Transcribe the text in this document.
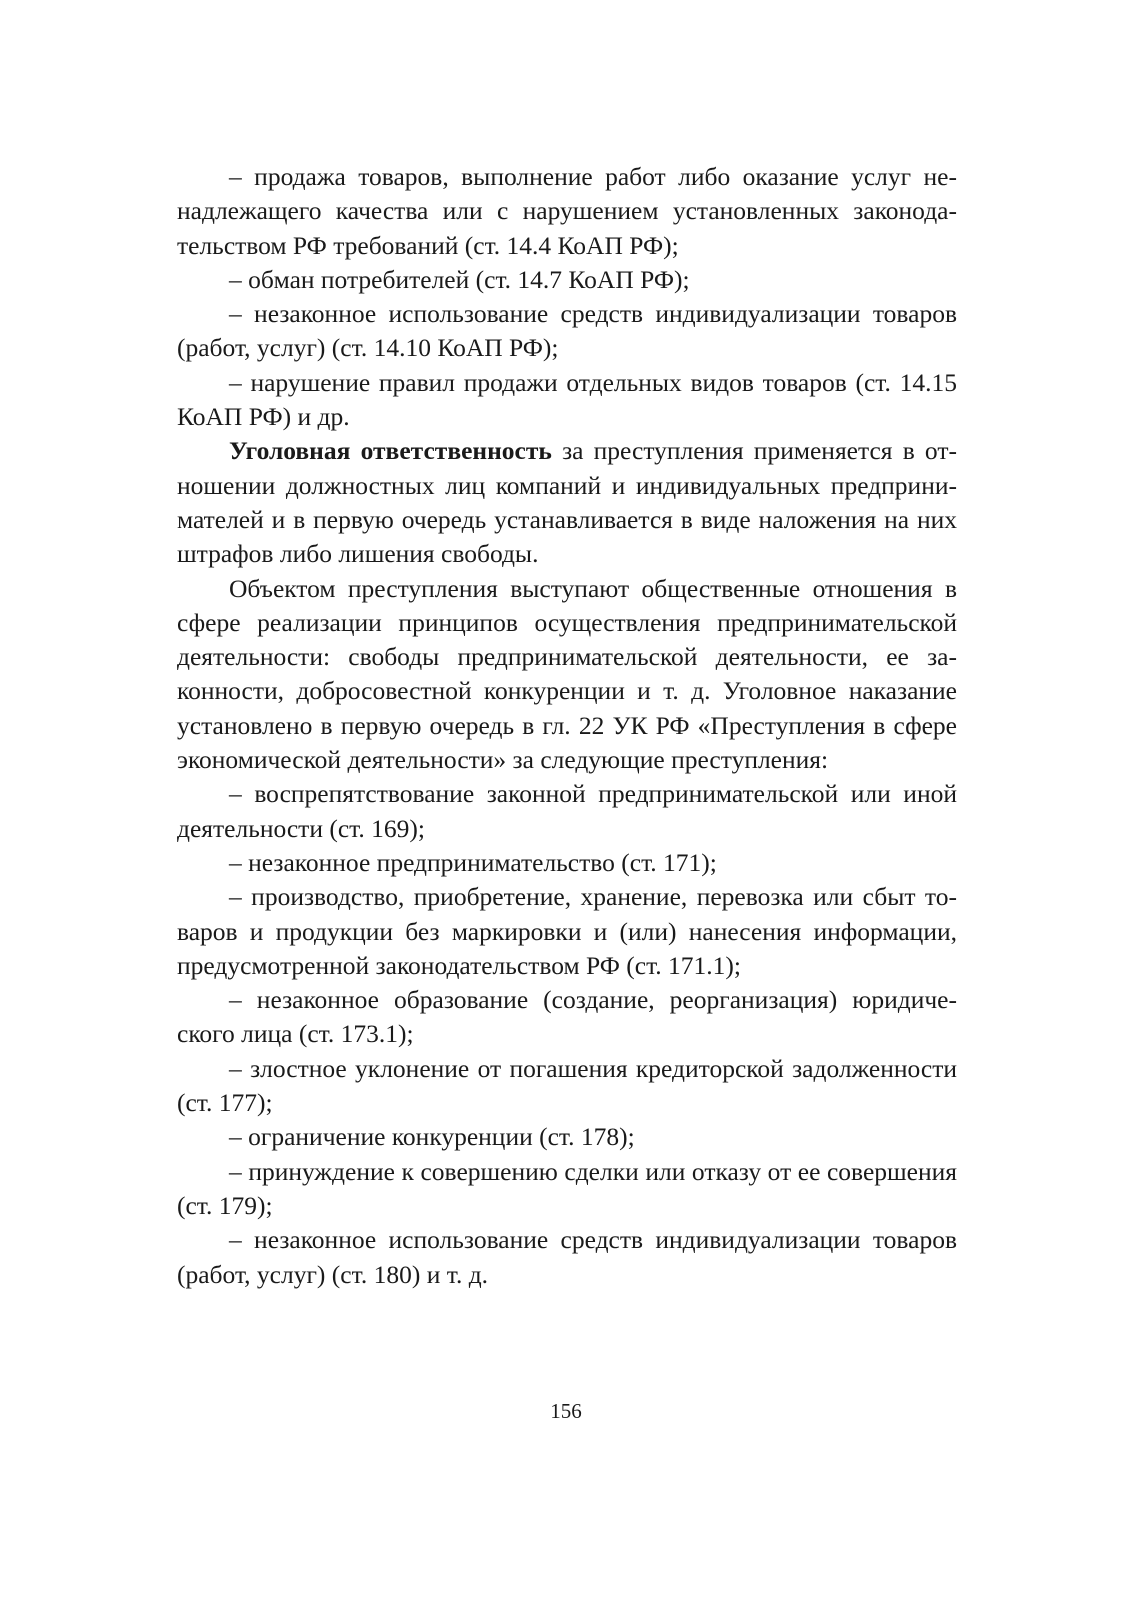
– продажа товаров, выполнение работ либо оказание услуг ненадлежащего качества или с нарушением установленных законодательством РФ требований (ст. 14.4 КоАП РФ);

– обман потребителей (ст. 14.7 КоАП РФ);

– незаконное использование средств индивидуализации товаров (работ, услуг) (ст. 14.10 КоАП РФ);

– нарушение правил продажи отдельных видов товаров (ст. 14.15 КоАП РФ) и др.

Уголовная ответственность за преступления применяется в отношении должностных лиц компаний и индивидуальных предпринимателей и в первую очередь устанавливается в виде наложения на них штрафов либо лишения свободы.

Объектом преступления выступают общественные отношения в сфере реализации принципов осуществления предпринимательской деятельности: свободы предпринимательской деятельности, ее законности, добросовестной конкуренции и т. д. Уголовное наказание установлено в первую очередь в гл. 22 УК РФ «Преступления в сфере экономической деятельности» за следующие преступления:

– воспрепятствование законной предпринимательской или иной деятельности (ст. 169);

– незаконное предпринимательство (ст. 171);

– производство, приобретение, хранение, перевозка или сбыт товаров и продукции без маркировки и (или) нанесения информации, предусмотренной законодательством РФ (ст. 171.1);

– незаконное образование (создание, реорганизация) юридического лица (ст. 173.1);

– злостное уклонение от погашения кредиторской задолженности (ст. 177);

– ограничение конкуренции (ст. 178);

– принуждение к совершению сделки или отказу от ее совершения (ст. 179);

– незаконное использование средств индивидуализации товаров (работ, услуг) (ст. 180) и т. д.

156
